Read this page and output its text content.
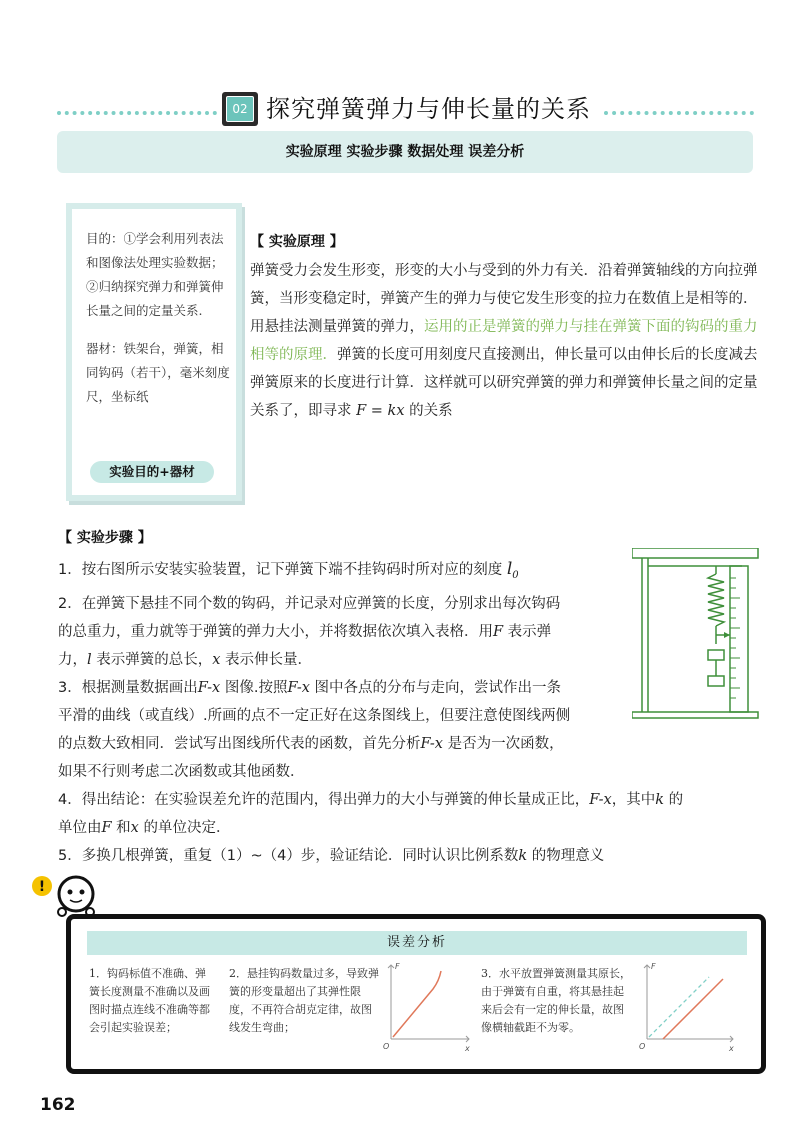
02 探究弹簧弹力与伸长量的关系
实验原理 实验步骤 数据处理 误差分析

目的：①学会利用列表法和图像法处理实验数据；②归纳探究弹力和弹簧伸长量之间的定量关系.

器材：铁架台，弹簧，相同钩码（若干），毫米刻度尺，坐标纸

实验目的+器材
【 实验原理 】
弹簧受力会发生形变，形变的大小与受到的外力有关．沿着弹簧轴线的方向拉弹簧，当形变稳定时，弹簧产生的弹力与使它发生形变的拉力在数值上是相等的．
用悬挂法测量弹簧的弹力，运用的正是弹簧的弹力与挂在弹簧下面的钩码的重力相等的原理．弹簧的长度可用刻度尺直接测出，伸长量可以由伸长后的长度减去弹簧原来的长度进行计算．这样就可以研究弹簧的弹力和弹簧伸长量之间的定量关系了，即寻求 F = kx 的关系
【 实验步骤 】
1．按右图所示安装实验装置，记下弹簧下端不挂钩码时所对应的刻度 $l_0$
2．在弹簧下悬挂不同个数的钩码，并记录对应弹簧的长度，分别求出每次钩码
的总重力，重力就等于弹簧的弹力大小，并将数据依次填入表格．用F 表示弹
力，l 表示弹簧的总长，x 表示伸长量．
3．根据测量数据画出F-x 图像.按照F-x 图中各点的分布与走向，尝试作出一条
平滑的曲线（或直线）.所画的点不一定正好在这条图线上，但要注意使图线两侧
的点数大致相同．尝试写出图线所代表的函数，首先分析F-x 是否为一次函数，
如果不行则考虑二次函数或其他函数．
4．得出结论：在实验误差允许的范围内，得出弹力的大小与弹簧的伸长量成正比，F-x，其中k 的
单位由F 和x 的单位决定．
5．多换几根弹簧，重复（1）~（4）步，验证结论．同时认识比例系数k 的物理意义
!
误差分析
1．钩码标值不准确、弹簧长度测量不准确以及画图时描点连线不准确等都会引起实验误差；
2．悬挂钩码数量过多，导致弹簧的形变量超出了其弹性限度，不再符合胡克定律，故图线发生弯曲；
O
F
x
3．水平放置弹簧测量其原长，由于弹簧有自重，将其悬挂起来后会有一定的伸长量，故图像横轴截距不为零。
O
F
x
162
